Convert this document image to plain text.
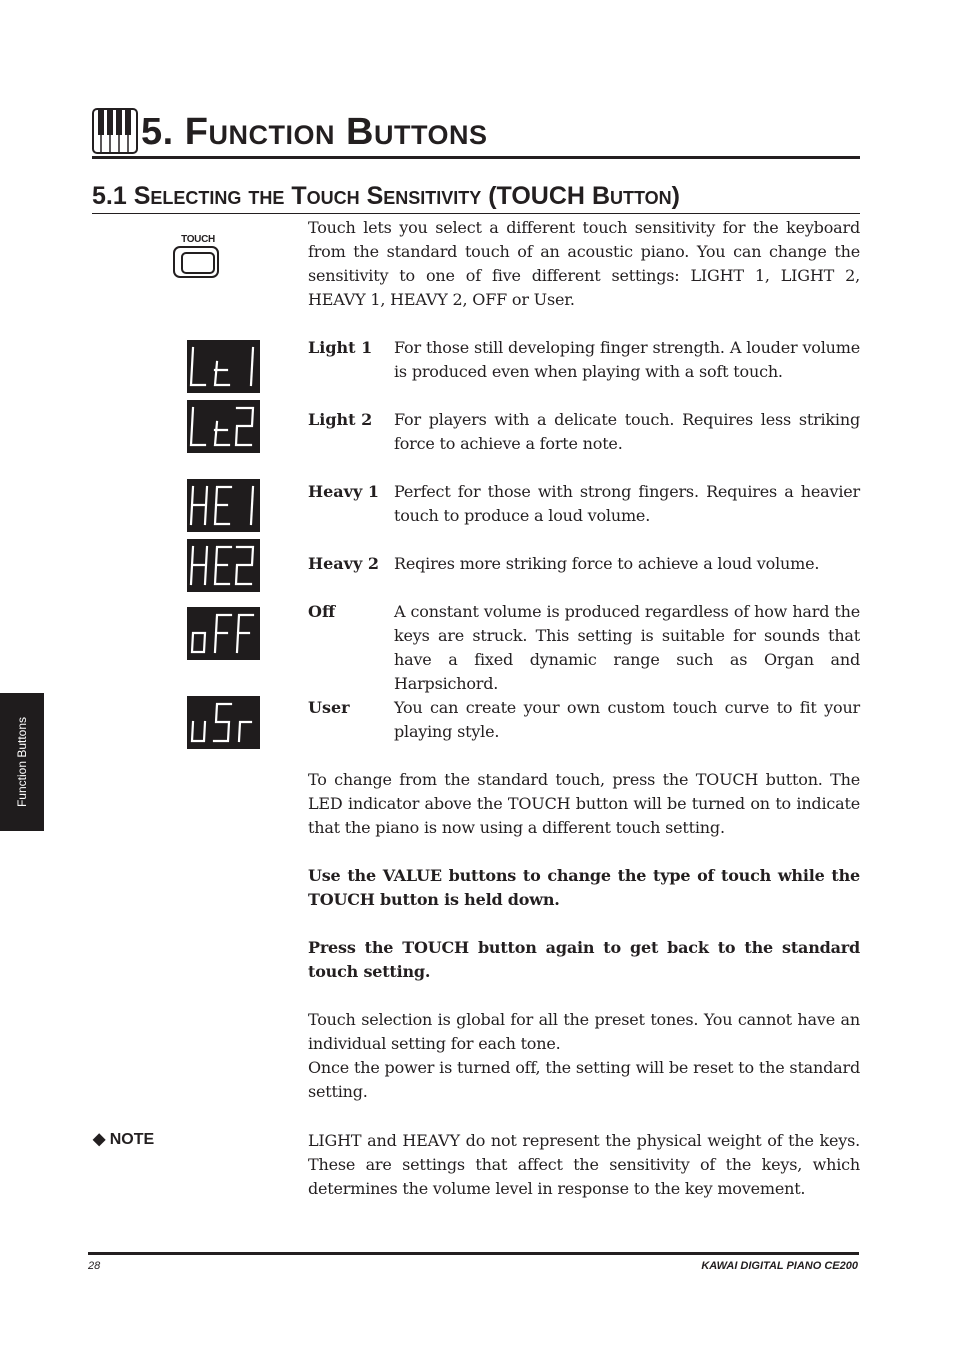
5. FUNCTION BUTTONS
5.1 SELECTING THE TOUCH SENSITIVITY (TOUCH BUTTON)
TOUCH

Touch lets you select a different touch sensitivity for the keyboard from the standard touch of an acoustic piano. You can change the sensitivity to one of five different settings: LIGHT 1, LIGHT 2, HEAVY 1, HEAVY 2, OFF or User.

Light 1 For those still developing finger strength. A louder volume is produced even when playing with a soft touch.

Light 2 For players with a delicate touch. Requires less striking force to achieve a forte note.

Heavy 1 Perfect for those with strong fingers. Requires a heavier touch to produce a loud volume.

Heavy 2 Reqires more striking force to achieve a loud volume.

Off	A constant volume is produced regardless of how hard the keys are struck. This setting is suitable for sounds that have a fixed dynamic range such as Organ and Harpsichord.

User	You can create your own custom touch curve to fit your playing style.

To change from the standard touch, press the TOUCH button. The LED indicator above the TOUCH button will be turned on to indicate that the piano is now using a different touch setting.

Use the VALUE buttons to change the type of touch while the TOUCH button is held down.

Press the TOUCH button again to get back to the standard touch setting.

Touch selection is global for all the preset tones. You cannot have an individual setting for each tone.

Once the power is turned off, the setting will be reset to the standard setting.

◆ NOTE	LIGHT and HEAVY do not represent the physical weight of the keys. These are settings that affect the sensitivity of the keys, which determines the volume level in response to the key movement.

Function Buttons

28	KAWAI DIGITAL PIANO CE200
